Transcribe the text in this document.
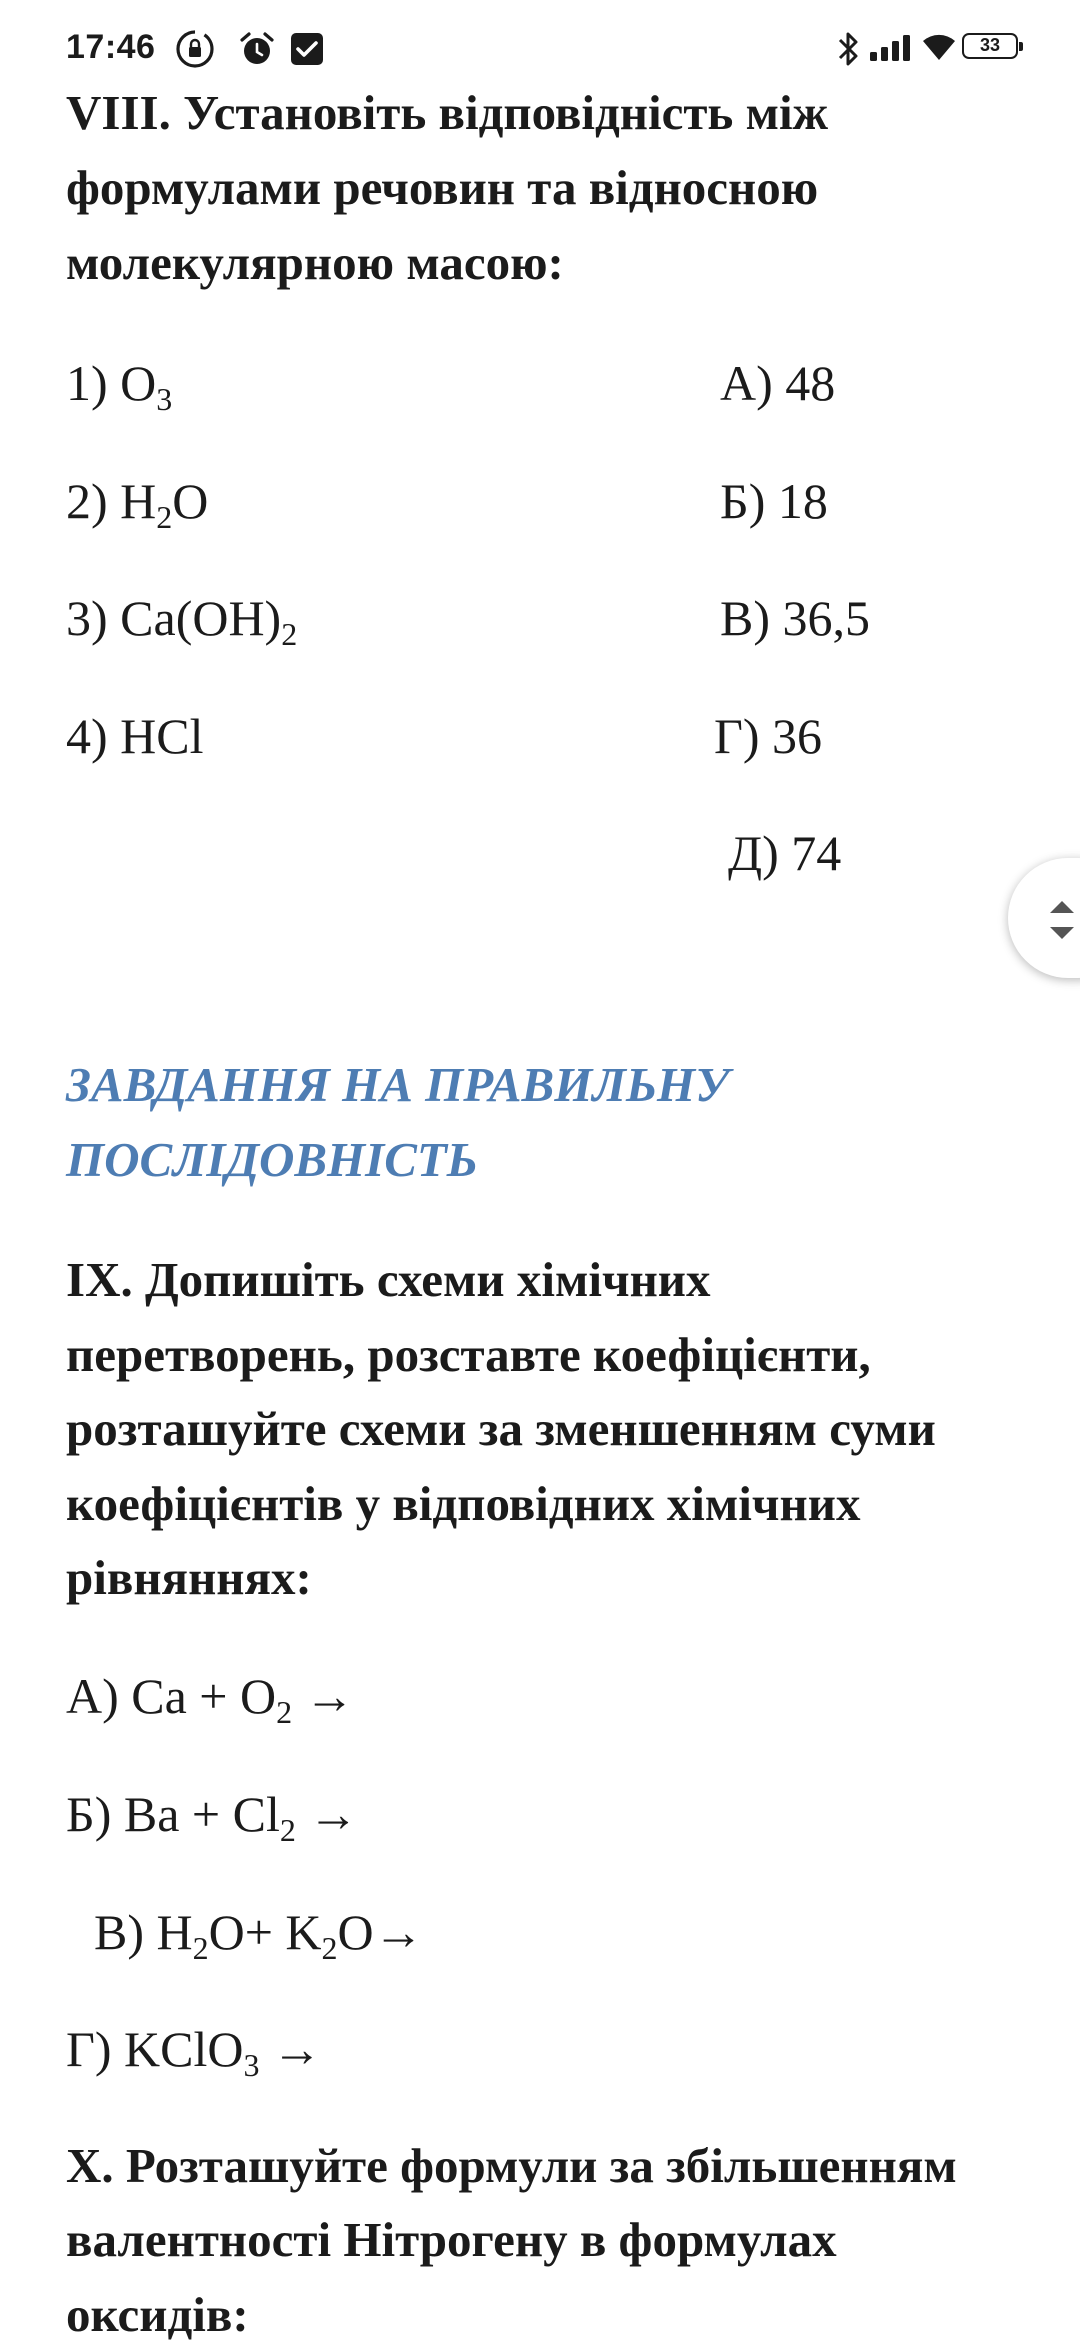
17:46	33
VIII. Установіть відповідність між
формулами речовин та відносною
молекулярною масою:
1) $O_3$
2) $H_2O$
3) $Ca(OH)_2$
4) HCl
А) 48
Б) 18
В) 36,5
Г) 36
Д) 74
ЗАВДАННЯ НА ПРАВИЛЬНУ
ПОСЛІДОВНІСТЬ
ІХ. Допишіть схеми хімічних
перетворень, розставте коефіцієнти,
розташуйте схеми за зменшенням суми
коефіцієнтів у відповідних хімічних
рівняннях:
А) $Ca + O_2$ →
Б) $Ba + Cl_2$ →
В) $H_2O+ K_2O\to$
Г) KClO$_3$ →
Х. Розташуйте формули за збільшенням
валентності Нітрогену в формулах
оксидів:
